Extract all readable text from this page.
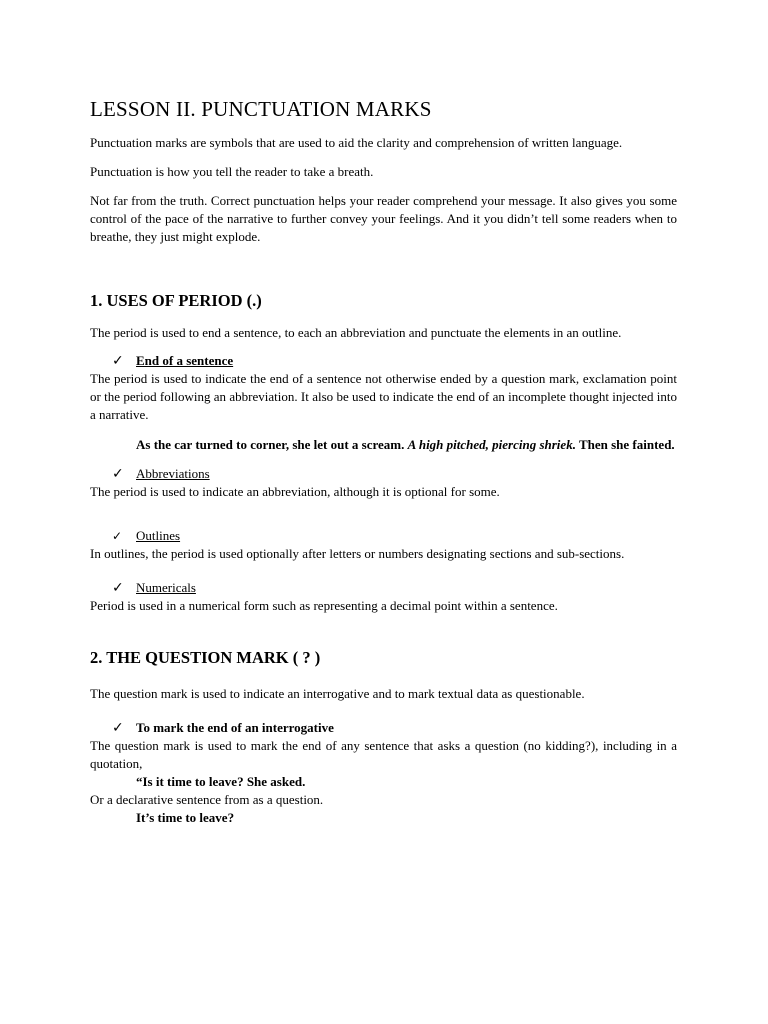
LESSON II. PUNCTUATION MARKS

Punctuation marks are symbols that are used to aid the clarity and comprehension of written language.

Punctuation is how you tell the reader to take a breath.

Not far from the truth. Correct punctuation helps your reader comprehend your message. It also gives you some control of the pace of the narrative to further convey your feelings. And it you didn’t tell some readers when to breathe, they just might explode.

1. USES OF PERIOD (.)

The period is used to end a sentence, to each an abbreviation and punctuate the elements in an outline.

✓ End of a sentence

The period is used to indicate the end of a sentence not otherwise ended by a question mark, exclamation point or the period following an abbreviation. It also be used to indicate the end of an incomplete thought injected into a narrative.

As the car turned to corner, she let out a scream. A high pitched, piercing shriek. Then she fainted.

✓ Abbreviations

The period is used to indicate an abbreviation, although it is optional for some.

✓ Outlines

In outlines, the period is used optionally after letters or numbers designating sections and sub-sections.

✓ Numericals

Period is used in a numerical form such as representing a decimal point within a sentence.

2. THE QUESTION MARK ( ? )

The question mark is used to indicate an interrogative and to mark textual data as questionable.

✓ To mark the end of an interrogative

The question mark is used to mark the end of any sentence that asks a question (no kidding?), including in a quotation,

“Is it time to leave? She asked.

Or a declarative sentence from as a question.

It’s time to leave?
